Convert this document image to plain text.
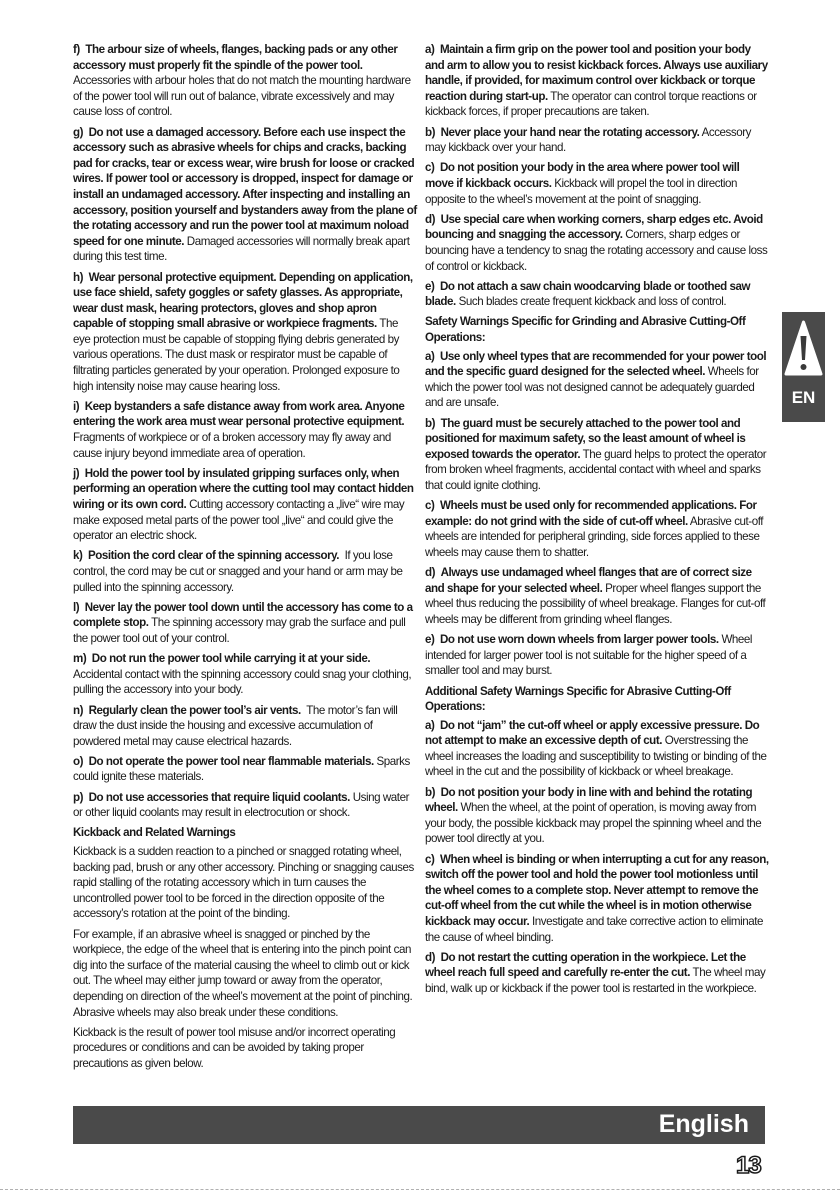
f)  The arbour size of wheels, flanges, backing pads or any other accessory must properly fit the spindle of the power tool. Accessories with arbour holes that do not match the mounting hardware of the power tool will run out of balance, vibrate excessively and may cause loss of control.

g)  Do not use a damaged accessory. Before each use inspect the accessory such as abrasive wheels for chips and cracks, backing pad for cracks, tear or excess wear, wire brush for loose or cracked wires. If power tool or accessory is dropped, inspect for damage or install an undamaged accessory. After inspecting and installing an accessory, position yourself and bystanders away from the plane of the rotating accessory and run the power tool at maximum noload speed for one minute. Damaged accessories will normally break apart during this test time.

h)  Wear personal protective equipment. Depending on application, use face shield, safety goggles or safety glasses. As appropriate, wear dust mask, hearing protectors, gloves and shop apron capable of stopping small abrasive or workpiece fragments. The eye protection must be capable of stopping flying debris generated by various operations. The dust mask or respirator must be capable of filtrating particles generated by your operation. Prolonged exposure to high intensity noise may cause hearing loss.

i)  Keep bystanders a safe distance away from work area. Anyone entering the work area must wear personal protective equipment. Fragments of workpiece or of a broken accessory may fly away and cause injury beyond immediate area of operation.

j)  Hold the power tool by insulated gripping surfaces only, when performing an operation where the cutting tool may contact hidden wiring or its own cord. Cutting accessory contacting a „live“ wire may make exposed metal parts of the power tool „live“ and could give the operator an electric shock.

k)  Position the cord clear of the spinning accessory.  If you lose control, the cord may be cut or snagged and your hand or arm may be pulled into the spinning accessory.

l)  Never lay the power tool down until the accessory has come to a complete stop. The spinning accessory may grab the surface and pull the power tool out of your control.

m)  Do not run the power tool while carrying it at your side. Accidental contact with the spinning accessory could snag your clothing, pulling the accessory into your body.

n)  Regularly clean the power tool’s air vents.  The motor’s fan will draw the dust inside the housing and excessive accumulation of powdered metal may cause electrical hazards.

o)  Do not operate the power tool near flammable materials. Sparks could ignite these materials.

p)  Do not use accessories that require liquid coolants. Using water or other liquid coolants may result in electrocution or shock.

Kickback and Related Warnings

Kickback is a sudden reaction to a pinched or snagged rotating wheel, backing pad, brush or any other accessory. Pinching or snagging causes rapid stalling of the rotating accessory which in turn causes the uncontrolled power tool to be forced in the direction opposite of the accessory’s rotation at the point of the binding.

For example, if an abrasive wheel is snagged or pinched by the workpiece, the edge of the wheel that is entering into the pinch point can dig into the surface of the material causing the wheel to climb out or kick out. The wheel may either jump toward or away from the operator, depending on direction of the wheel’s movement at the point of pinching. Abrasive wheels may also break under these conditions.

Kickback is the result of power tool misuse and/or incorrect operating procedures or conditions and can be avoided by taking proper precautions as given below.

a)  Maintain a firm grip on the power tool and position your body and arm to allow you to resist kickback forces. Always use auxiliary handle, if provided, for maximum control over kickback or torque reaction during start-up. The operator can control torque reactions or kickback forces, if proper precautions are taken.

b)  Never place your hand near the rotating accessory. Accessory may kickback over your hand.

c)  Do not position your body in the area where power tool will move if kickback occurs. Kickback will propel the tool in direction opposite to the wheel’s movement at the point of snagging.

d)  Use special care when working corners, sharp edges etc. Avoid bouncing and snagging the accessory. Corners, sharp edges or bouncing have a tendency to snag the rotating accessory and cause loss of control or kickback.

e)  Do not attach a saw chain woodcarving blade or toothed saw blade. Such blades create frequent kickback and loss of control.

Safety Warnings Specific for Grinding and Abrasive Cutting-Off Operations:

a)  Use only wheel types that are recommended for your power tool and the specific guard designed for the selected wheel. Wheels for which the power tool was not designed cannot be adequately guarded and are unsafe.

b)  The guard must be securely attached to the power tool and positioned for maximum safety, so the least amount of wheel is exposed towards the operator. The guard helps to protect the operator from broken wheel fragments, accidental contact with wheel and sparks that could ignite clothing.

c)  Wheels must be used only for recommended applications. For example: do not grind with the side of cut-off wheel. Abrasive cut-off wheels are intended for peripheral grinding, side forces applied to these wheels may cause them to shatter.

d)  Always use undamaged wheel flanges that are of correct size and shape for your selected wheel. Proper wheel flanges support the wheel thus reducing the possibility of wheel breakage. Flanges for cut-off wheels may be different from grinding wheel flanges.

e)  Do not use worn down wheels from larger power tools. Wheel intended for larger power tool is not suitable for the higher speed of a smaller tool and may burst.

Additional Safety Warnings Specific for Abrasive Cutting-Off Operations:

a)  Do not “jam” the cut-off wheel or apply excessive pressure. Do not attempt to make an excessive depth of cut. Overstressing the wheel increases the loading and susceptibility to twisting or binding of the wheel in the cut and the possibility of kickback or wheel breakage.

b)  Do not position your body in line with and behind the rotating wheel. When the wheel, at the point of operation, is moving away from your body, the possible kickback may propel the spinning wheel and the power tool directly at you.

c)  When wheel is binding or when interrupting a cut for any reason, switch off the power tool and hold the power tool motionless until the wheel comes to a complete stop. Never attempt to remove the cut-off wheel from the cut while the wheel is in motion otherwise kickback may occur. Investigate and take corrective action to eliminate the cause of wheel binding.

d)  Do not restart the cutting operation in the workpiece. Let the wheel reach full speed and carefully re-enter the cut. The wheel may bind, walk up or kickback if the power tool is restarted in the workpiece.

EN
English
13
